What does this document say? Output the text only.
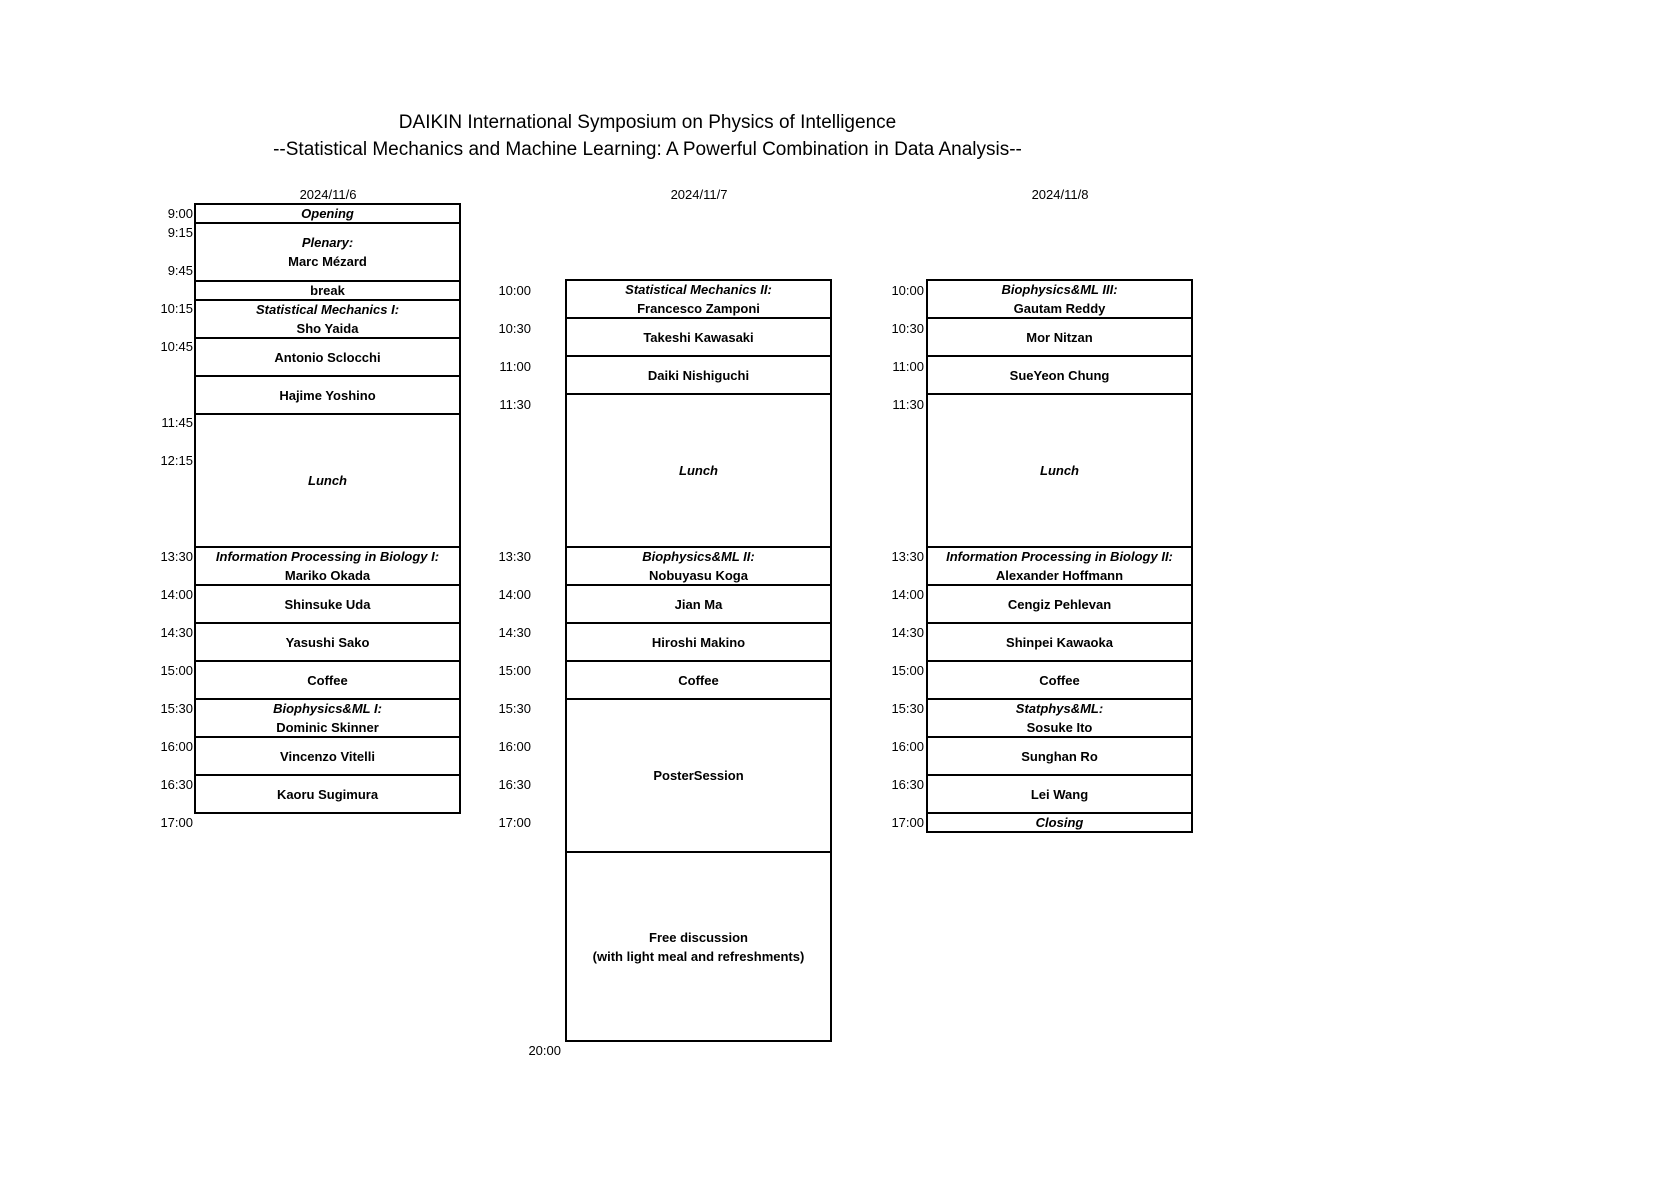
DAIKIN International Symposium on Physics of Intelligence
--Statistical Mechanics and Machine Learning: A Powerful Combination in Data Analysis--
2024/11/6	2024/11/7	2024/11/8
9:00
9:15
9:45
10:15
10:45
11:45
12:15
13:30
14:00
14:30
15:00
15:30
16:00
16:30
17:00
Opening
Plenary:
Marc Mézard
break
Statistical Mechanics I:
Sho Yaida
Antonio Sclocchi
Hajime Yoshino
Lunch
Information Processing in Biology I:
Mariko Okada
Shinsuke Uda
Yasushi Sako
Coffee
Biophysics&ML I:
Dominic Skinner
Vincenzo Vitelli
Kaoru Sugimura
10:00
10:30
11:00
11:30
13:30
14:00
14:30
15:00
15:30
16:00
16:30
17:00
20:00
Statistical Mechanics II:
Francesco Zamponi
Takeshi Kawasaki
Daiki Nishiguchi
Lunch
Biophysics&ML II:
Nobuyasu Koga
Jian Ma
Hiroshi Makino
Coffee
PosterSession
Free discussion
(with light meal and refreshments)
10:00
10:30
11:00
11:30
13:30
14:00
14:30
15:00
15:30
16:00
16:30
17:00
Biophysics&ML III:
Gautam Reddy
Mor Nitzan
SueYeon Chung
Lunch
Information Processing in Biology II:
Alexander Hoffmann
Cengiz Pehlevan
Shinpei Kawaoka
Coffee
Statphys&ML:
Sosuke Ito
Sunghan Ro
Lei Wang
Closing
